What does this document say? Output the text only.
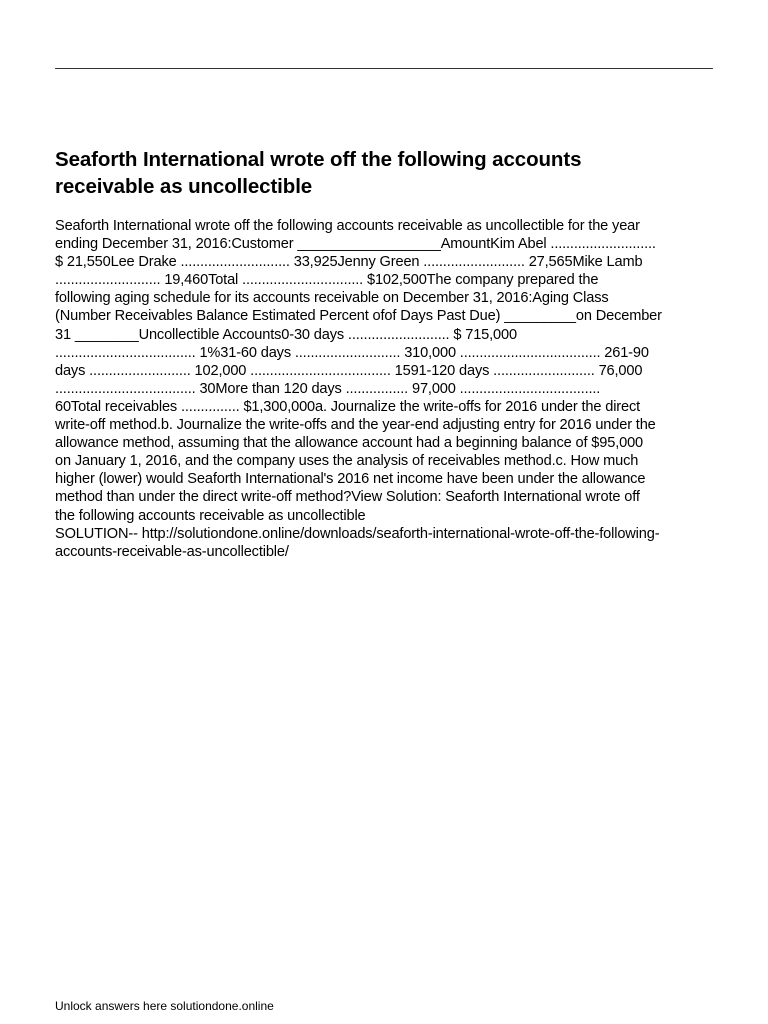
Seaforth International wrote off the following accounts
receivable as uncollectible
Seaforth International wrote off the following accounts receivable as uncollectible for the year
ending December 31, 2016:Customer __________________AmountKim Abel ...........................
$ 21,550Lee Drake ............................ 33,925Jenny Green .......................... 27,565Mike Lamb
........................... 19,460Total ............................... $102,500The company prepared the
following aging schedule for its accounts receivable on December 31, 2016:Aging Class
(Number Receivables Balance Estimated Percent ofof Days Past Due) _________on December
31 ________Uncollectible Accounts0-30 days .......................... $ 715,000
.................................... 1%31-60 days ........................... 310,000 .................................... 261-90
days .......................... 102,000 .................................... 1591-120 days .......................... 76,000
.................................... 30More than 120 days ................ 97,000 ....................................
60Total receivables ............... $1,300,000a. Journalize the write-offs for 2016 under the direct
write-off method.b. Journalize the write-offs and the year-end adjusting entry for 2016 under the
allowance method, assuming that the allowance account had a beginning balance of $95,000
on January 1, 2016, and the company uses the analysis of receivables method.c. How much
higher (lower) would Seaforth International's 2016 net income have been under the allowance
method than under the direct write-off method?View Solution: Seaforth International wrote off
the following accounts receivable as uncollectible
SOLUTION-- http://solutiondone.online/downloads/seaforth-international-wrote-off-the-following-
accounts-receivable-as-uncollectible/

Unlock answers here solutiondone.online
